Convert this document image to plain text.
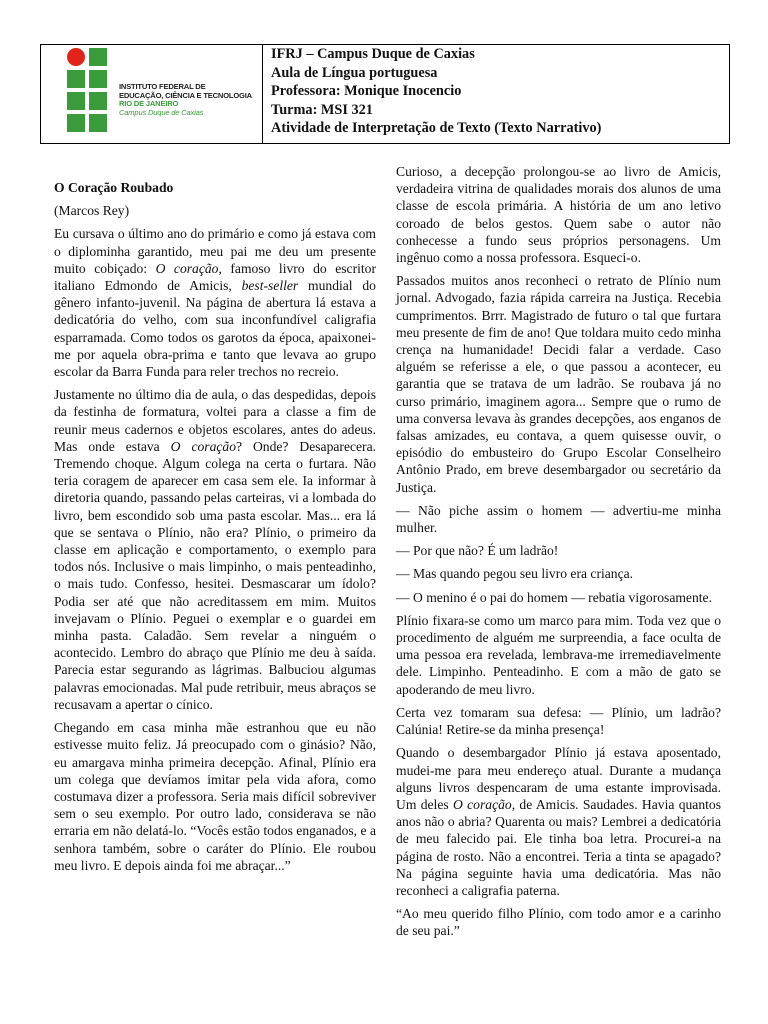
INSTITUTO FEDERAL DE
EDUCAÇÃO, CIÊNCIA E TECNOLOGIA
RIO DE JANEIRO
Campus Duque de Caxias
IFRJ – Campus Duque de Caxias
Aula de Língua portuguesa
Professora: Monique Inocencio
Turma: MSI 321
Atividade de Interpretação de Texto (Texto Narrativo)

O Coração Roubado

(Marcos Rey)

Eu cursava o último ano do primário e como já estava com o diplominha garantido, meu pai me deu um presente muito cobiçado: O coração, famoso livro do escritor italiano Edmondo de Amicis, best-seller mundial do gênero infanto-juvenil. Na página de abertura lá estava a dedicatória do velho, com sua inconfundível caligrafia esparramada. Como todos os garotos da época, apaixonei-me por aquela obra-prima e tanto que levava ao grupo escolar da Barra Funda para reler trechos no recreio.

Justamente no último dia de aula, o das despedidas, depois da festinha de formatura, voltei para a classe a fim de reunir meus cadernos e objetos escolares, antes do adeus. Mas onde estava O coração? Onde? Desaparecera. Tremendo choque. Algum colega na certa o furtara. Não teria coragem de aparecer em casa sem ele. Ia informar à diretoria quando, passando pelas carteiras, vi a lombada do livro, bem escondido sob uma pasta escolar. Mas... era lá que se sentava o Plínio, não era? Plínio, o primeiro da classe em aplicação e comportamento, o exemplo para todos nós. Inclusive o mais limpinho, o mais penteadinho, o mais tudo. Confesso, hesitei. Desmascarar um ídolo? Podia ser até que não acreditassem em mim. Muitos invejavam o Plínio. Peguei o exemplar e o guardei em minha pasta. Caladão. Sem revelar a ninguém o acontecido. Lembro do abraço que Plínio me deu à saída. Parecia estar segurando as lágrimas. Balbuciou algumas palavras emocionadas. Mal pude retribuir, meus abraços se recusavam a apertar o cínico.

Chegando em casa minha mãe estranhou que eu não estivesse muito feliz. Já preocupado com o ginásio? Não, eu amargava minha primeira decepção. Afinal, Plínio era um colega que devíamos imitar pela vida afora, como costumava dizer a professora. Seria mais difícil sobreviver sem o seu exemplo. Por outro lado, considerava se não erraria em não delatá-lo. “Vocês estão todos enganados, e a senhora também, sobre o caráter do Plínio. Ele roubou meu livro. E depois ainda foi me abraçar...”

Curioso, a decepção prolongou-se ao livro de Amicis, verdadeira vitrina de qualidades morais dos alunos de uma classe de escola primária. A história de um ano letivo coroado de belos gestos. Quem sabe o autor não conhecesse a fundo seus próprios personagens. Um ingênuo como a nossa professora. Esqueci-o.

Passados muitos anos reconheci o retrato de Plínio num jornal. Advogado, fazia rápida carreira na Justiça. Recebia cumprimentos. Brrr. Magistrado de futuro o tal que furtara meu presente de fim de ano! Que toldara muito cedo minha crença na humanidade! Decidi falar a verdade. Caso alguém se referisse a ele, o que passou a acontecer, eu garantia que se tratava de um ladrão. Se roubava já no curso primário, imaginem agora... Sempre que o rumo de uma conversa levava às grandes decepções, aos enganos de falsas amizades, eu contava, a quem quisesse ouvir, o episódio do embusteiro do Grupo Escolar Conselheiro Antônio Prado, em breve desembargador ou secretário da Justiça.

— Não piche assim o homem — advertiu-me minha mulher.

— Por que não? É um ladrão!

— Mas quando pegou seu livro era criança.

— O menino é o pai do homem — rebatia vigorosamente.

Plínio fixara-se como um marco para mim. Toda vez que o procedimento de alguém me surpreendia, a face oculta de uma pessoa era revelada, lembrava-me irremediavelmente dele. Limpinho. Penteadinho. E com a mão de gato se apoderando de meu livro.

Certa vez tomaram sua defesa: — Plínio, um ladrão? Calúnia! Retire-se da minha presença!

Quando o desembargador Plínio já estava aposentado, mudei-me para meu endereço atual. Durante a mudança alguns livros despencaram de uma estante improvisada. Um deles O coração, de Amicis. Saudades. Havia quantos anos não o abria? Quarenta ou mais? Lembrei a dedicatória de meu falecido pai. Ele tinha boa letra. Procurei-a na página de rosto. Não a encontrei. Teria a tinta se apagado? Na página seguinte havia uma dedicatória. Mas não reconheci a caligrafia paterna.

“Ao meu querido filho Plínio, com todo amor e a carinho de seu pai.”
